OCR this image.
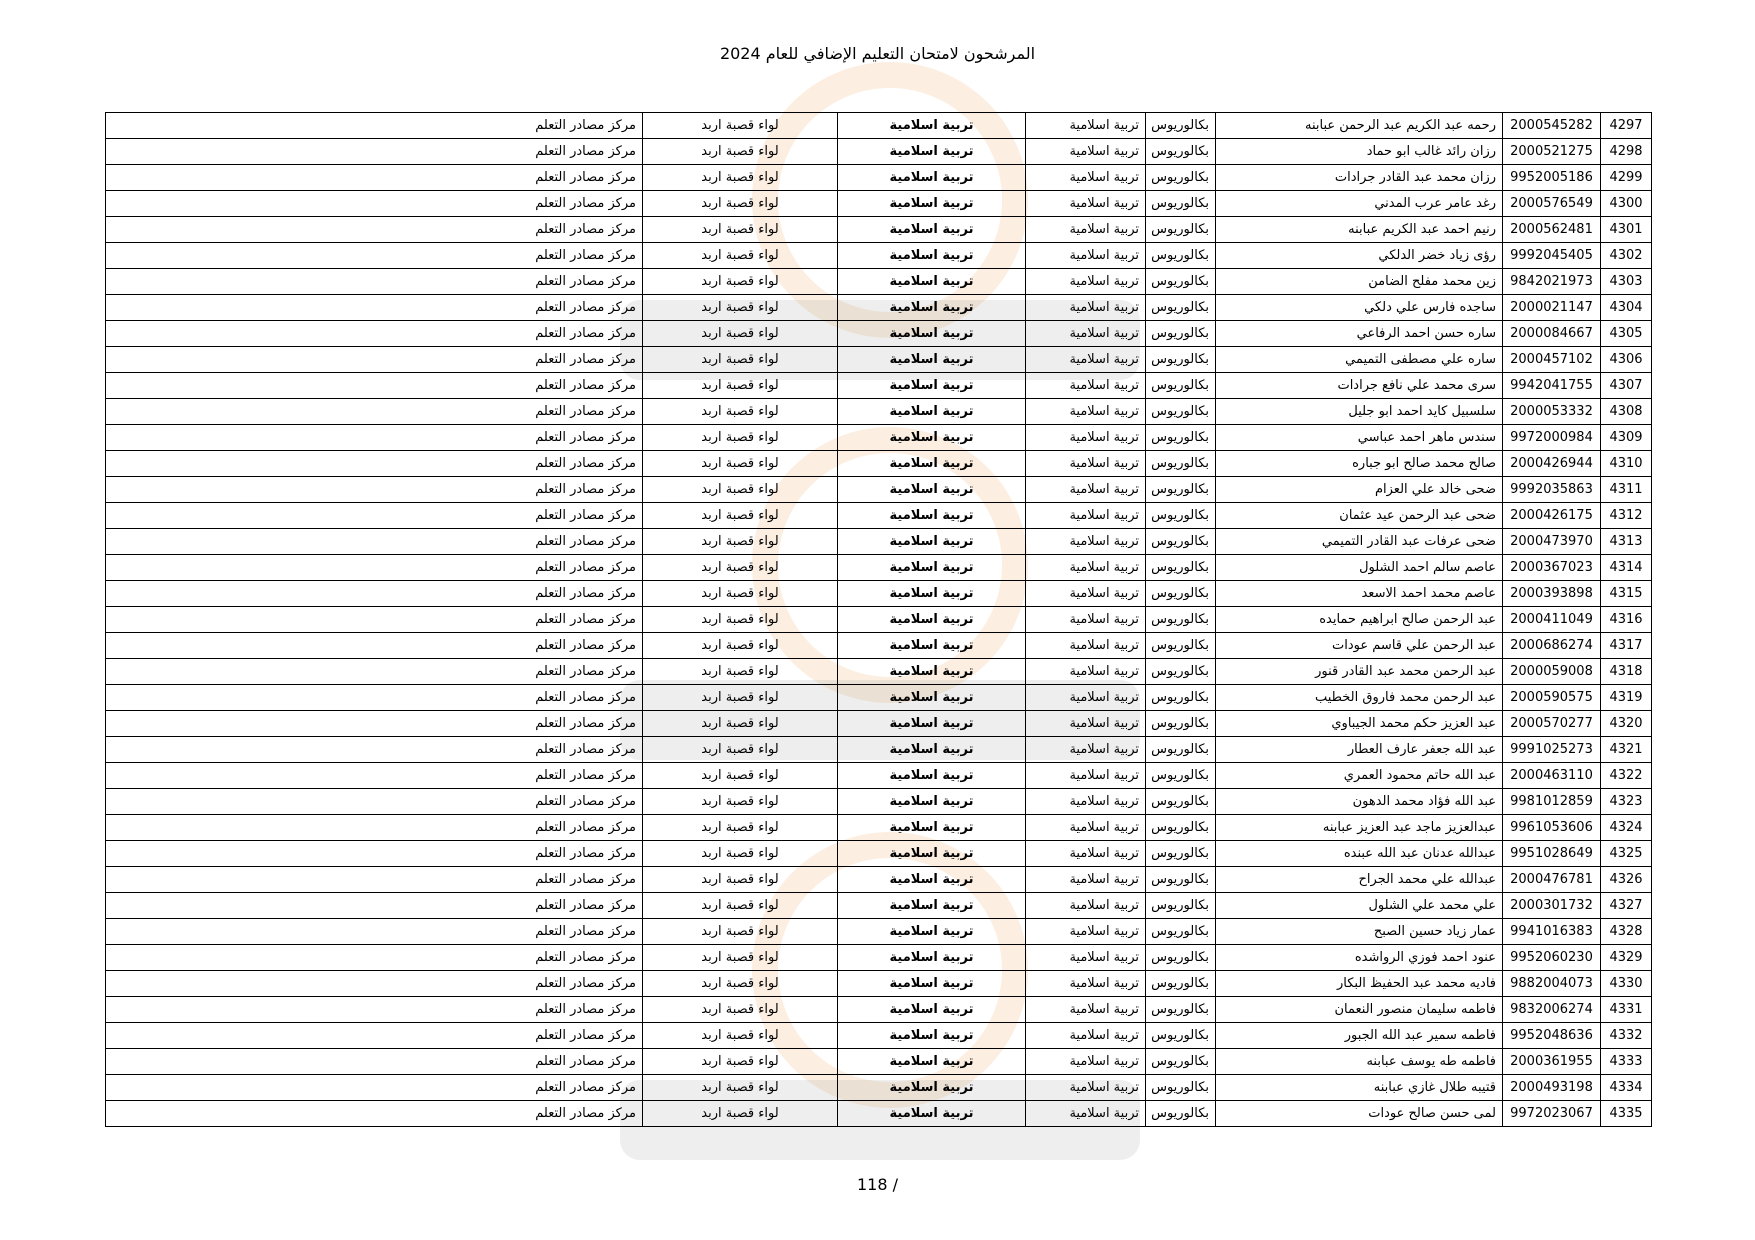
المرشحون لامتحان التعليم الإضافي للعام 2024
4297	2000545282	رحمه عبد الكريم عبد الرحمن عبابنه	بكالوريوس	تربية اسلامية	تربية اسلامية	لواء قصبة اربد	مركز مصادر التعلم
4298	2000521275	رزان رائد غالب ابو حماد	بكالوريوس	تربية اسلامية	تربية اسلامية	لواء قصبة اربد	مركز مصادر التعلم
4299	9952005186	رزان محمد عبد القادر جرادات	بكالوريوس	تربية اسلامية	تربية اسلامية	لواء قصبة اربد	مركز مصادر التعلم
4300	2000576549	رغد عامر عرب المدني	بكالوريوس	تربية اسلامية	تربية اسلامية	لواء قصبة اربد	مركز مصادر التعلم
4301	2000562481	رنيم احمد عبد الكريم عبابنه	بكالوريوس	تربية اسلامية	تربية اسلامية	لواء قصبة اربد	مركز مصادر التعلم
4302	9992045405	رؤى زياد خضر الدلكي	بكالوريوس	تربية اسلامية	تربية اسلامية	لواء قصبة اربد	مركز مصادر التعلم
4303	9842021973	زين محمد مفلح الضامن	بكالوريوس	تربية اسلامية	تربية اسلامية	لواء قصبة اربد	مركز مصادر التعلم
4304	2000021147	ساجده فارس علي دلكي	بكالوريوس	تربية اسلامية	تربية اسلامية	لواء قصبة اربد	مركز مصادر التعلم
4305	2000084667	ساره حسن احمد الرفاعي	بكالوريوس	تربية اسلامية	تربية اسلامية	لواء قصبة اربد	مركز مصادر التعلم
4306	2000457102	ساره علي مصطفى التميمي	بكالوريوس	تربية اسلامية	تربية اسلامية	لواء قصبة اربد	مركز مصادر التعلم
4307	9942041755	سرى محمد علي نافع جرادات	بكالوريوس	تربية اسلامية	تربية اسلامية	لواء قصبة اربد	مركز مصادر التعلم
4308	2000053332	سلسبيل كايد احمد ابو جليل	بكالوريوس	تربية اسلامية	تربية اسلامية	لواء قصبة اربد	مركز مصادر التعلم
4309	9972000984	سندس ماهر احمد عباسي	بكالوريوس	تربية اسلامية	تربية اسلامية	لواء قصبة اربد	مركز مصادر التعلم
4310	2000426944	صالح محمد صالح ابو جباره	بكالوريوس	تربية اسلامية	تربية اسلامية	لواء قصبة اربد	مركز مصادر التعلم
4311	9992035863	ضحى خالد علي العزام	بكالوريوس	تربية اسلامية	تربية اسلامية	لواء قصبة اربد	مركز مصادر التعلم
4312	2000426175	ضحى عبد الرحمن عيد عثمان	بكالوريوس	تربية اسلامية	تربية اسلامية	لواء قصبة اربد	مركز مصادر التعلم
4313	2000473970	ضحى عرفات عبد القادر التميمي	بكالوريوس	تربية اسلامية	تربية اسلامية	لواء قصبة اربد	مركز مصادر التعلم
4314	2000367023	عاصم سالم احمد الشلول	بكالوريوس	تربية اسلامية	تربية اسلامية	لواء قصبة اربد	مركز مصادر التعلم
4315	2000393898	عاصم محمد احمد الاسعد	بكالوريوس	تربية اسلامية	تربية اسلامية	لواء قصبة اربد	مركز مصادر التعلم
4316	2000411049	عبد الرحمن صالح ابراهيم حمايده	بكالوريوس	تربية اسلامية	تربية اسلامية	لواء قصبة اربد	مركز مصادر التعلم
4317	2000686274	عبد الرحمن علي قاسم عودات	بكالوريوس	تربية اسلامية	تربية اسلامية	لواء قصبة اربد	مركز مصادر التعلم
4318	2000059008	عبد الرحمن محمد عبد القادر قنور	بكالوريوس	تربية اسلامية	تربية اسلامية	لواء قصبة اربد	مركز مصادر التعلم
4319	2000590575	عبد الرحمن محمد فاروق الخطيب	بكالوريوس	تربية اسلامية	تربية اسلامية	لواء قصبة اربد	مركز مصادر التعلم
4320	2000570277	عبد العزيز حكم محمد الجيباوي	بكالوريوس	تربية اسلامية	تربية اسلامية	لواء قصبة اربد	مركز مصادر التعلم
4321	9991025273	عبد الله جعفر عارف العطار	بكالوريوس	تربية اسلامية	تربية اسلامية	لواء قصبة اربد	مركز مصادر التعلم
4322	2000463110	عبد الله حاتم محمود العمري	بكالوريوس	تربية اسلامية	تربية اسلامية	لواء قصبة اربد	مركز مصادر التعلم
4323	9981012859	عبد الله فؤاد محمد الدهون	بكالوريوس	تربية اسلامية	تربية اسلامية	لواء قصبة اربد	مركز مصادر التعلم
4324	9961053606	عبدالعزيز ماجد عبد العزيز عبابنه	بكالوريوس	تربية اسلامية	تربية اسلامية	لواء قصبة اربد	مركز مصادر التعلم
4325	9951028649	عبدالله عدنان عبد الله عبنده	بكالوريوس	تربية اسلامية	تربية اسلامية	لواء قصبة اربد	مركز مصادر التعلم
4326	2000476781	عبدالله علي محمد الجراح	بكالوريوس	تربية اسلامية	تربية اسلامية	لواء قصبة اربد	مركز مصادر التعلم
4327	2000301732	علي محمد علي الشلول	بكالوريوس	تربية اسلامية	تربية اسلامية	لواء قصبة اربد	مركز مصادر التعلم
4328	9941016383	عمار زياد حسين الصبح	بكالوريوس	تربية اسلامية	تربية اسلامية	لواء قصبة اربد	مركز مصادر التعلم
4329	9952060230	عنود احمد فوزي الرواشده	بكالوريوس	تربية اسلامية	تربية اسلامية	لواء قصبة اربد	مركز مصادر التعلم
4330	9882004073	فاديه محمد عبد الحفيظ البكار	بكالوريوس	تربية اسلامية	تربية اسلامية	لواء قصبة اربد	مركز مصادر التعلم
4331	9832006274	فاطمه سليمان منصور النعمان	بكالوريوس	تربية اسلامية	تربية اسلامية	لواء قصبة اربد	مركز مصادر التعلم
4332	9952048636	فاطمه سمير عبد الله الجبور	بكالوريوس	تربية اسلامية	تربية اسلامية	لواء قصبة اربد	مركز مصادر التعلم
4333	2000361955	فاطمه طه يوسف عبابنه	بكالوريوس	تربية اسلامية	تربية اسلامية	لواء قصبة اربد	مركز مصادر التعلم
4334	2000493198	قتيبه طلال غازي عبابنه	بكالوريوس	تربية اسلامية	تربية اسلامية	لواء قصبة اربد	مركز مصادر التعلم
4335	9972023067	لمى حسن صالح عودات	بكالوريوس	تربية اسلامية	تربية اسلامية	لواء قصبة اربد	مركز مصادر التعلم
118 /
